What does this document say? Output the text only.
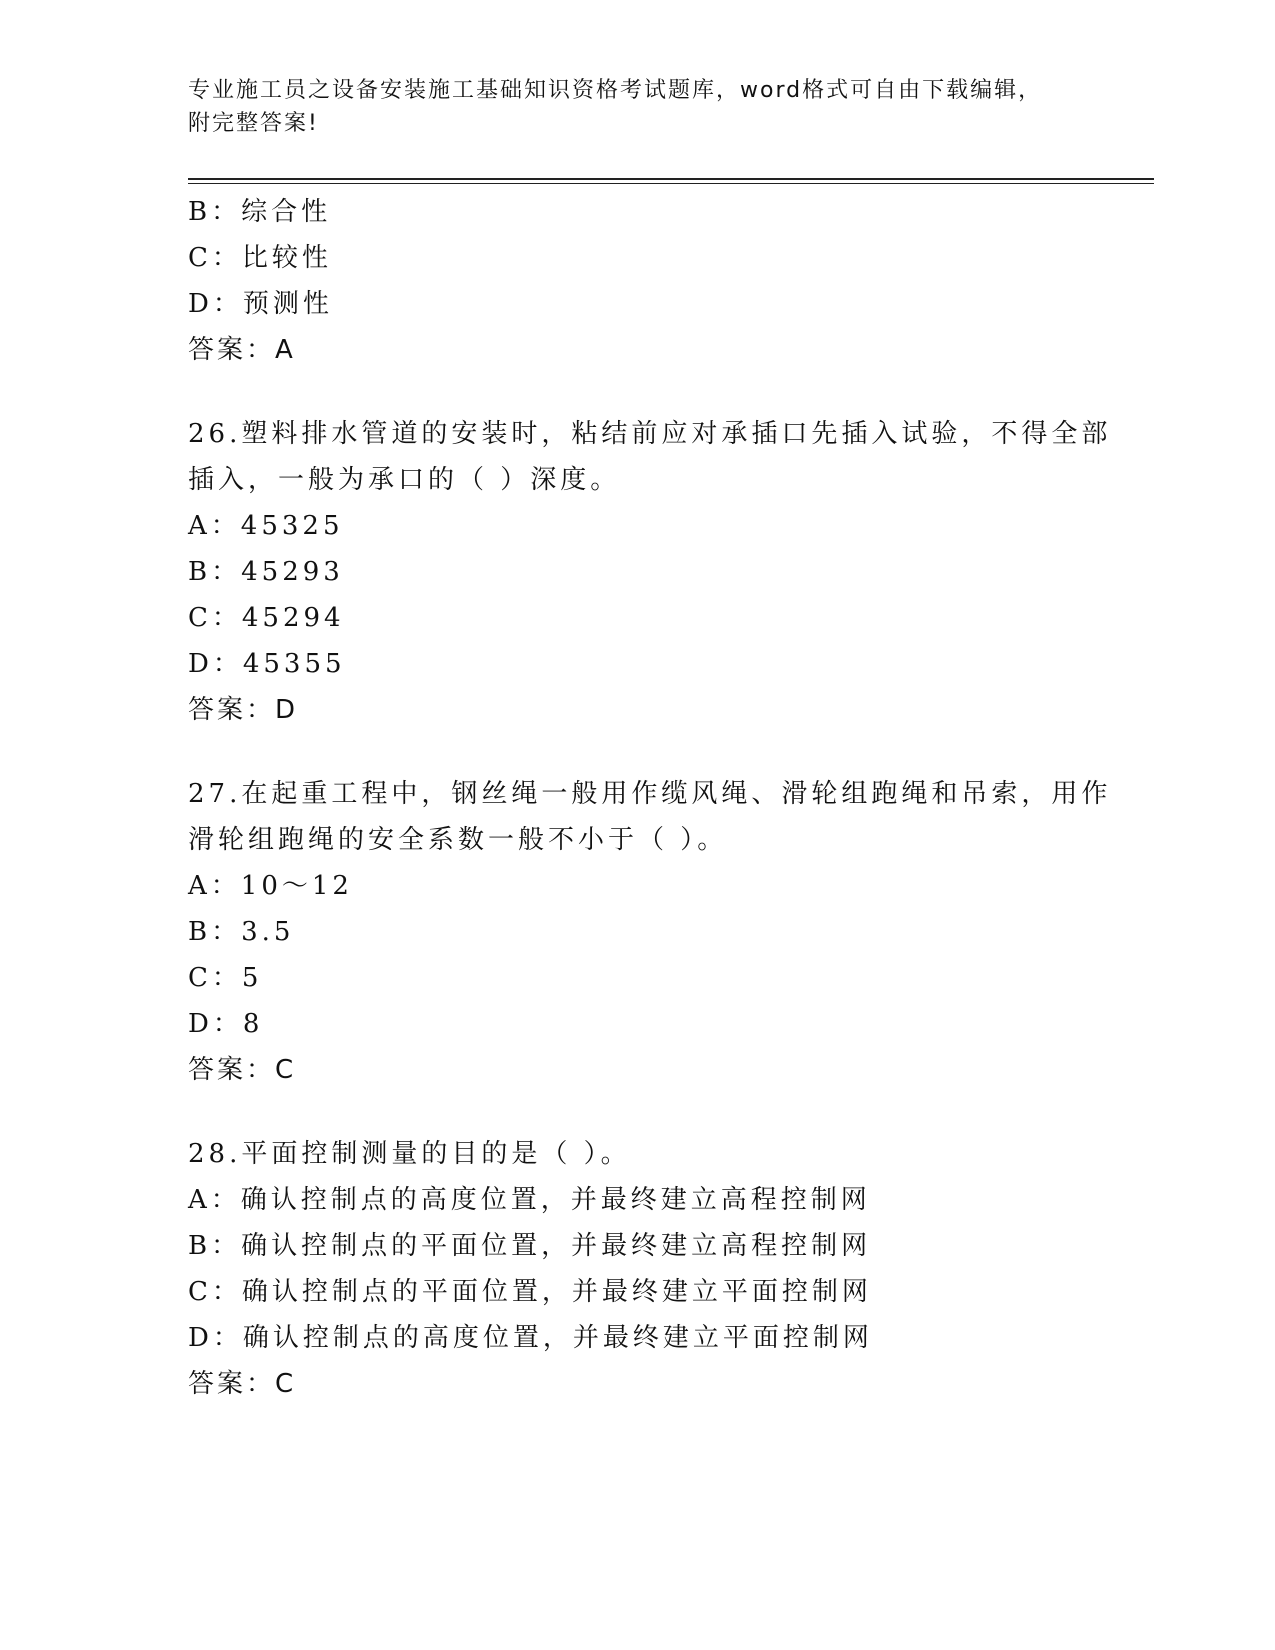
专业施工员之设备安装施工基础知识资格考试题库，word格式可自由下载编辑，
附完整答案!
B：综合性
C：比较性
D：预测性
答案：A
26.塑料排水管道的安装时，粘结前应对承插口先插入试验，不得全部
插入，一般为承口的（ ）深度。
A：45325
B：45293
C：45294
D：45355
答案：D
27.在起重工程中，钢丝绳一般用作缆风绳、滑轮组跑绳和吊索，用作
滑轮组跑绳的安全系数一般不小于（ ）。
A：10～12
B：3.5
C：5
D：8
答案：C
28.平面控制测量的目的是（ ）。
A：确认控制点的高度位置，并最终建立高程控制网
B：确认控制点的平面位置，并最终建立高程控制网
C：确认控制点的平面位置，并最终建立平面控制网
D：确认控制点的高度位置，并最终建立平面控制网
答案：C
